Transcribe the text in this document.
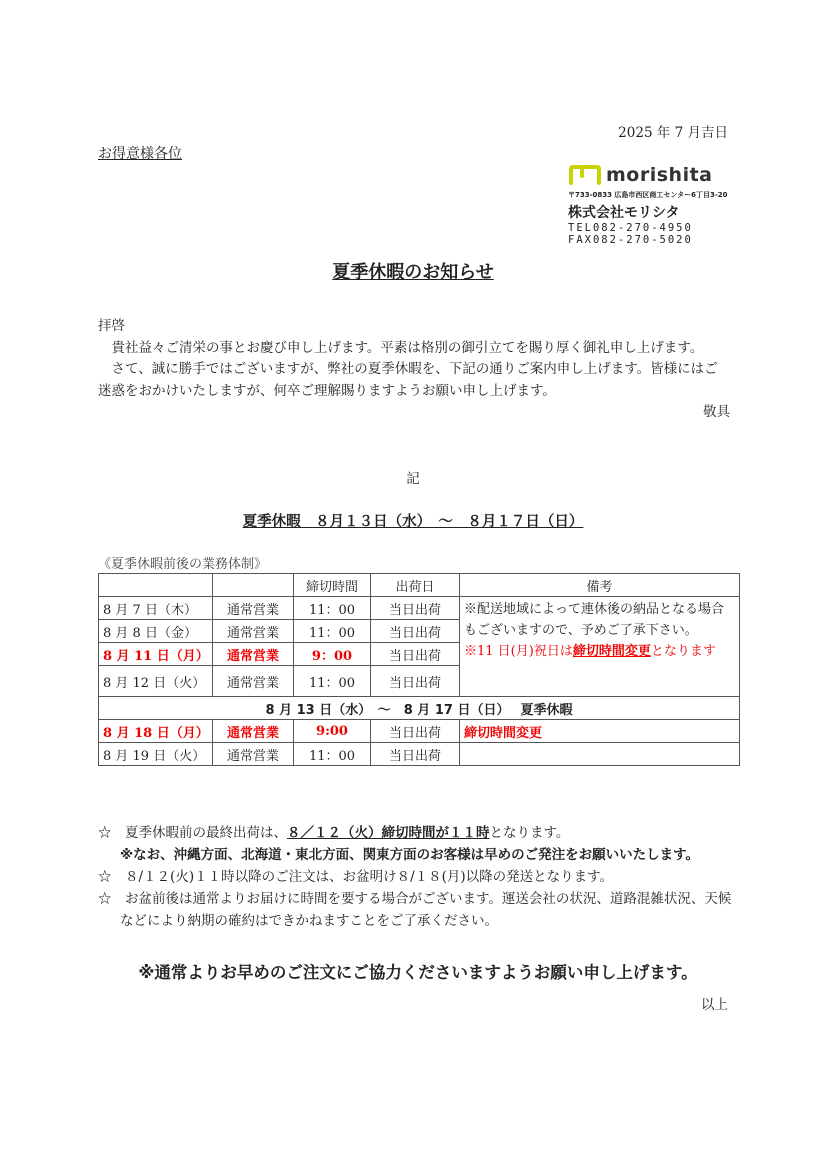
2025 年 7 月吉日
お得意様各位
morishita
〒733-0833 広島市西区商工センター6丁目3-20
株式会社モリシタ
TEL082-270-4950
FAX082-270-5020
夏季休暇のお知らせ

拝啓

貴社益々ご清栄の事とお慶び申し上げます。平素は格別の御引立てを賜り厚く御礼申し上げます。

さて、誠に勝手ではございますが、弊社の夏季休暇を、下記の通りご案内申し上げます。皆様にはご迷惑をおかけいたしますが、何卒ご理解賜りますようお願い申し上げます。

敬具

記
夏季休暇　８月１３日（水）　～　８月１７日（日）
《夏季休暇前後の業務体制》
		締切時間	出荷日	備考
8 月 7 日（木）	通常営業	11：00	当日出荷	※配送地域によって連休後の納品となる場合もございますので、予めご了承下さい。
※11 日(月)祝日は締切時間変更となります

8 月 8 日（金）	通常営業	11：00	当日出荷	
8 月 11 日（月）	通常営業	9：00	当日出荷	
8 月 12 日（火）	通常営業	11：00	当日出荷	
8 月 13 日（水）　～　8 月 17 日（日）　 夏季休暇				
8 月 18 日（月）	通常営業	9:00	当日出荷	締切時間変更
8 月 19 日（火）	通常営業	11：00	当日出荷	

☆　夏季休暇前の最終出荷は、８／１２（火）締切時間が１１時となります。

※なお、沖縄方面、北海道・東北方面、関東方面のお客様は早めのご発注をお願いいたします。

☆　８/１２(火)１１時以降のご注文は、お盆明け８/１８(月)以降の発送となります。

☆　お盆前後は通常よりお届けに時間を要する場合がございます。運送会社の状況、道路混雑状況、天候などにより納期の確約はできかねますことをご了承ください。

※通常よりお早めのご注文にご協力くださいますようお願い申し上げます。
以上
